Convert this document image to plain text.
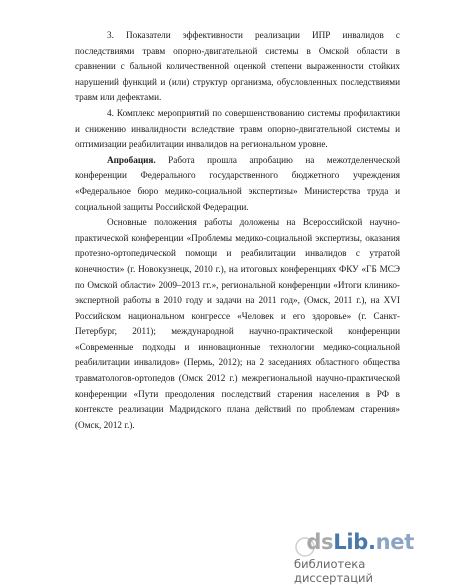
3. Показатели эффективности реализации ИПР инвалидов с последствиями травм опорно-двигательной системы в Омской области в сравнении с бальной количественной оценкой степени выраженности стойких нарушений функций и (или) структур организма, обусловленных последствиями травм или дефектами.

4. Комплекс мероприятий по совершенствованию системы профилактики и снижению инвалидности вследствие травм опорно-двигательной системы и оптимизации реабилитации инвалидов на региональном уровне.

Апробация. Работа прошла апробацию на межотделенческой конференции Федерального государственного бюджетного учреждения «Федеральное бюро медико-социальной экспертизы» Министерства труда и социальной защиты Российской Федерации.

Основные положения работы доложены на Всероссийской научно-практической конференции «Проблемы медико-социальной экспертизы, оказания протезно-ортопедической помощи и реабилитации инвалидов с утратой конечности» (г. Новокузнецк, 2010 г.), на итоговых конференциях ФКУ «ГБ МСЭ по Омской области» 2009–2013 гг.», региональной конференции «Итоги клинико-экспертной работы в 2010 году и задачи на 2011 год», (Омск, 2011 г.), на XVI Российском национальном конгрессе «Человек и его здоровье» (г. Санкт- Петербург, 2011); международной научно-практической конференции «Современные подходы и инновационные технологии медико-социальной реабилитации инвалидов» (Пермь, 2012); на 2 заседаниях областного общества травматологов-ортопедов (Омск 2012 г.) межрегиональной научно-практической конференции «Пути преодоления последствий старения населения в РФ в контексте реализации Мадридского плана действий по проблемам старения» (Омск, 2012 г.).

dsLib.net
библиотека диссертаций
